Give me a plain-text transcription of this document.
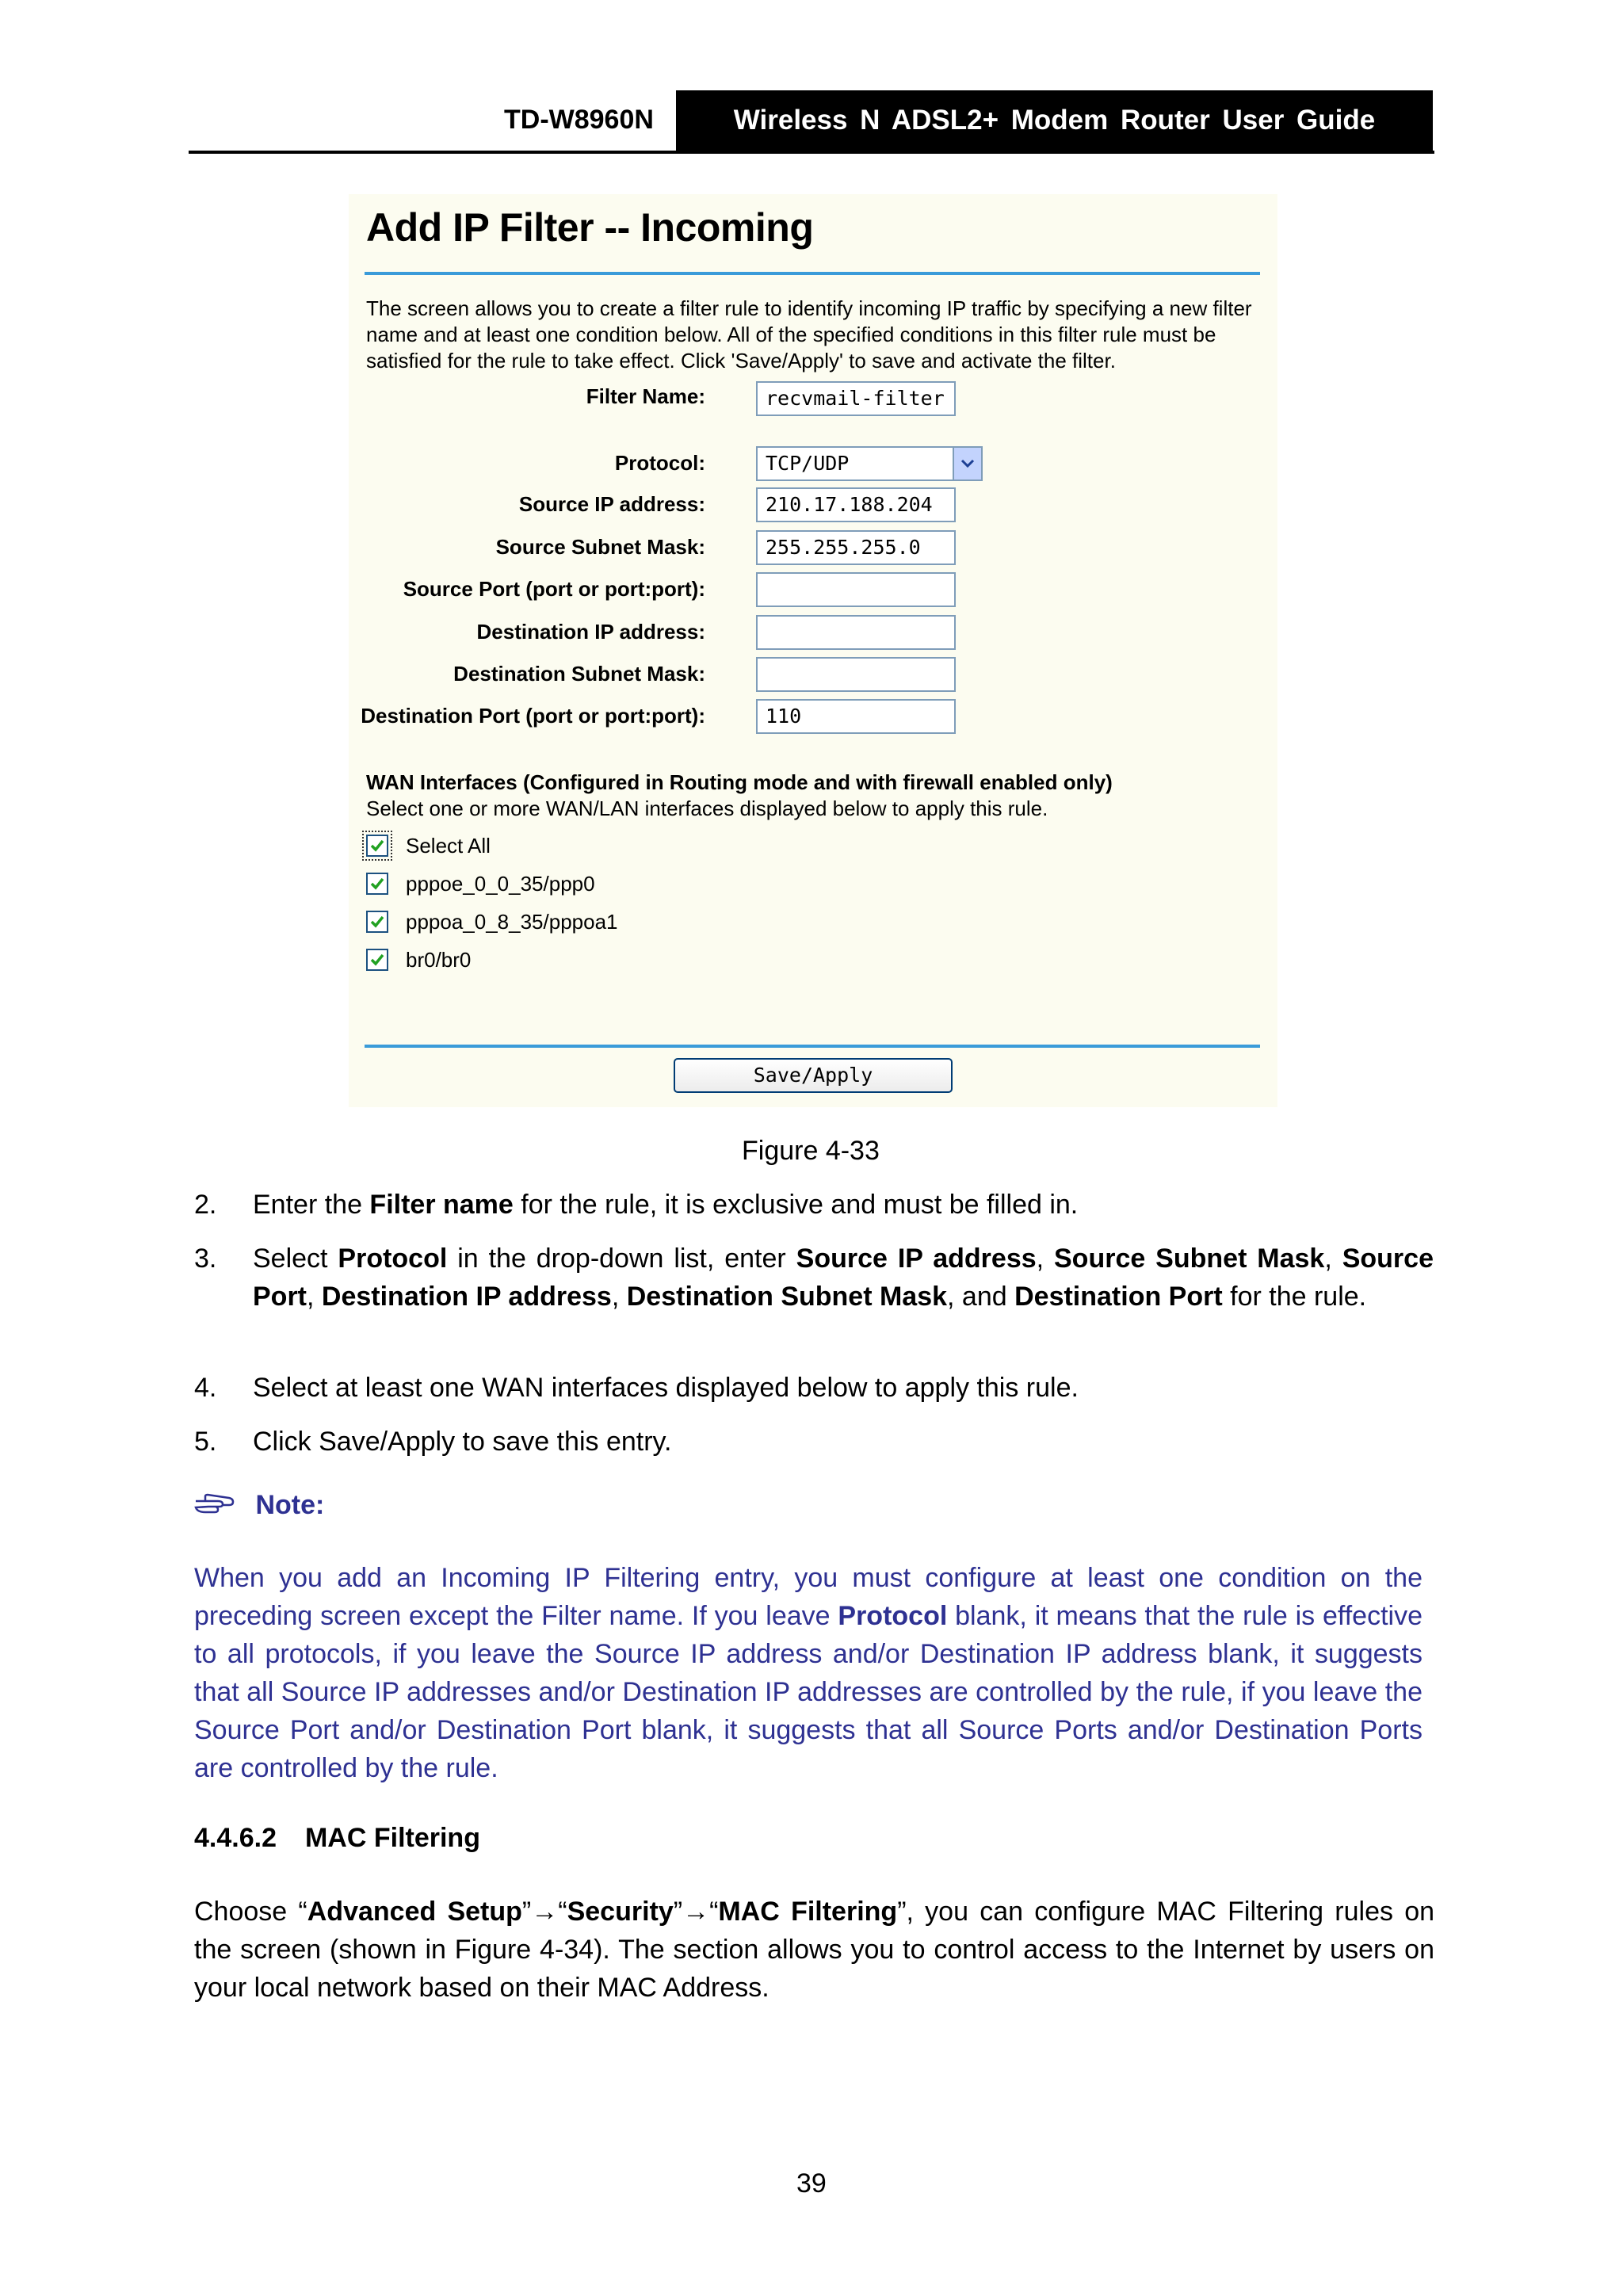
TD-W8960N	Wireless N ADSL2+ Modem Router User Guide
Add IP Filter -- Incoming
The screen allows you to create a filter rule to identify incoming IP traffic by specifying a new filter name and at least one condition below. All of the specified conditions in this filter rule must be satisfied for the rule to take effect. Click 'Save/Apply' to save and activate the filter.
Filter Name:	recvmail-filter
Protocol:	TCP/UDP
Source IP address:	210.17.188.204
Source Subnet Mask:	255.255.255.0
Source Port (port or port:port):
Destination IP address:
Destination Subnet Mask:
Destination Port (port or port:port):	110
WAN Interfaces (Configured in Routing mode and with firewall enabled only)
Select one or more WAN/LAN interfaces displayed below to apply this rule.
Select All
pppoe_0_0_35/ppp0
pppoa_0_8_35/pppoa1
br0/br0
Save/Apply
Figure 4-33
2. Enter the Filter name for the rule, it is exclusive and must be filled in.
3. Select Protocol in the drop-down list, enter Source IP address, Source Subnet Mask, Source Port, Destination IP address, Destination Subnet Mask, and Destination Port for the rule.
4. Select at least one WAN interfaces displayed below to apply this rule.
5. Click Save/Apply to save this entry.
Note:
When you add an Incoming IP Filtering entry, you must configure at least one condition on the preceding screen except the Filter name. If you leave Protocol blank, it means that the rule is effective to all protocols, if you leave the Source IP address and/or Destination IP address blank, it suggests that all Source IP addresses and/or Destination IP addresses are controlled by the rule, if you leave the Source Port and/or Destination Port blank, it suggests that all Source Ports and/or Destination Ports are controlled by the rule.
4.4.6.2 MAC Filtering
Choose “Advanced Setup”→“Security”→“MAC Filtering”, you can configure MAC Filtering rules on the screen (shown in Figure 4-34). The section allows you to control access to the Internet by users on your local network based on their MAC Address.
39
